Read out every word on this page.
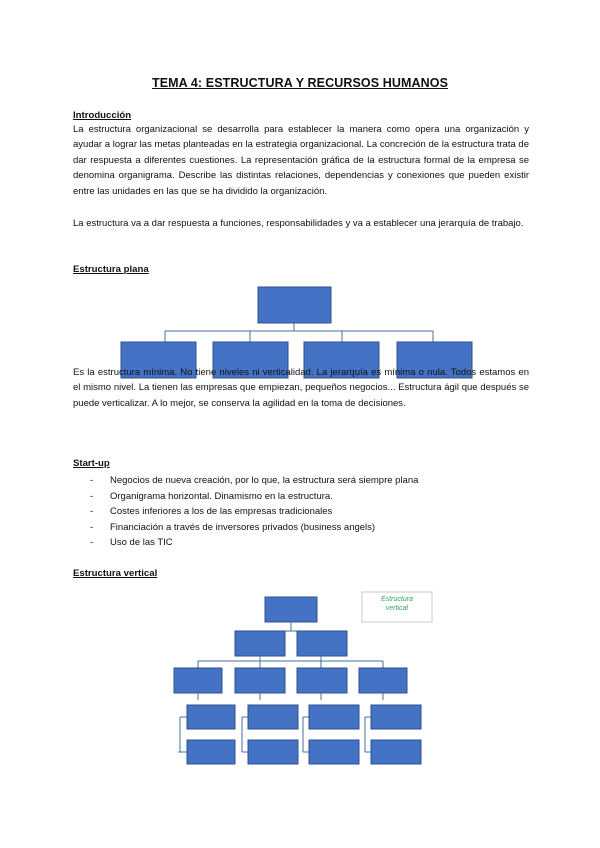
TEMA 4: ESTRUCTURA Y RECURSOS HUMANOS
Introducción

La estructura organizacional se desarrolla para establecer la manera como opera una organización y ayudar a lograr las metas planteadas en la estrategia organizacional. La concreción de la estructura trata de dar respuesta a diferentes cuestiones. La representación gráfica de la estructura formal de la empresa se denomina organigrama. Describe las distintas relaciones, dependencias y conexiones que pueden existir entre las unidades en las que se ha dividido la organización.

La estructura va a dar respuesta a funciones, responsabilidades y va a establecer una jerarquía de trabajo.

Estructura plana
Estructura vertical

Es la estructura mínima. No tiene niveles ni verticalidad. La jerarquía es mínima o nula. Todos estamos en el mismo nivel. La tienen las empresas que empiezan, pequeños negocios... Estructura ágil que después se puede verticalizar. A lo mejor, se conserva la agilidad en la toma de decisiones.

Start-up
- Negocios de nueva creación, por lo que, la estructura será siempre plana
- Organigrama horizontal. Dinamismo en la estructura.
- Costes inferiores a los de las empresas tradicionales
- Financiación a través de inversores privados (business angels)
- Uso de las TIC
Estructura vertical
